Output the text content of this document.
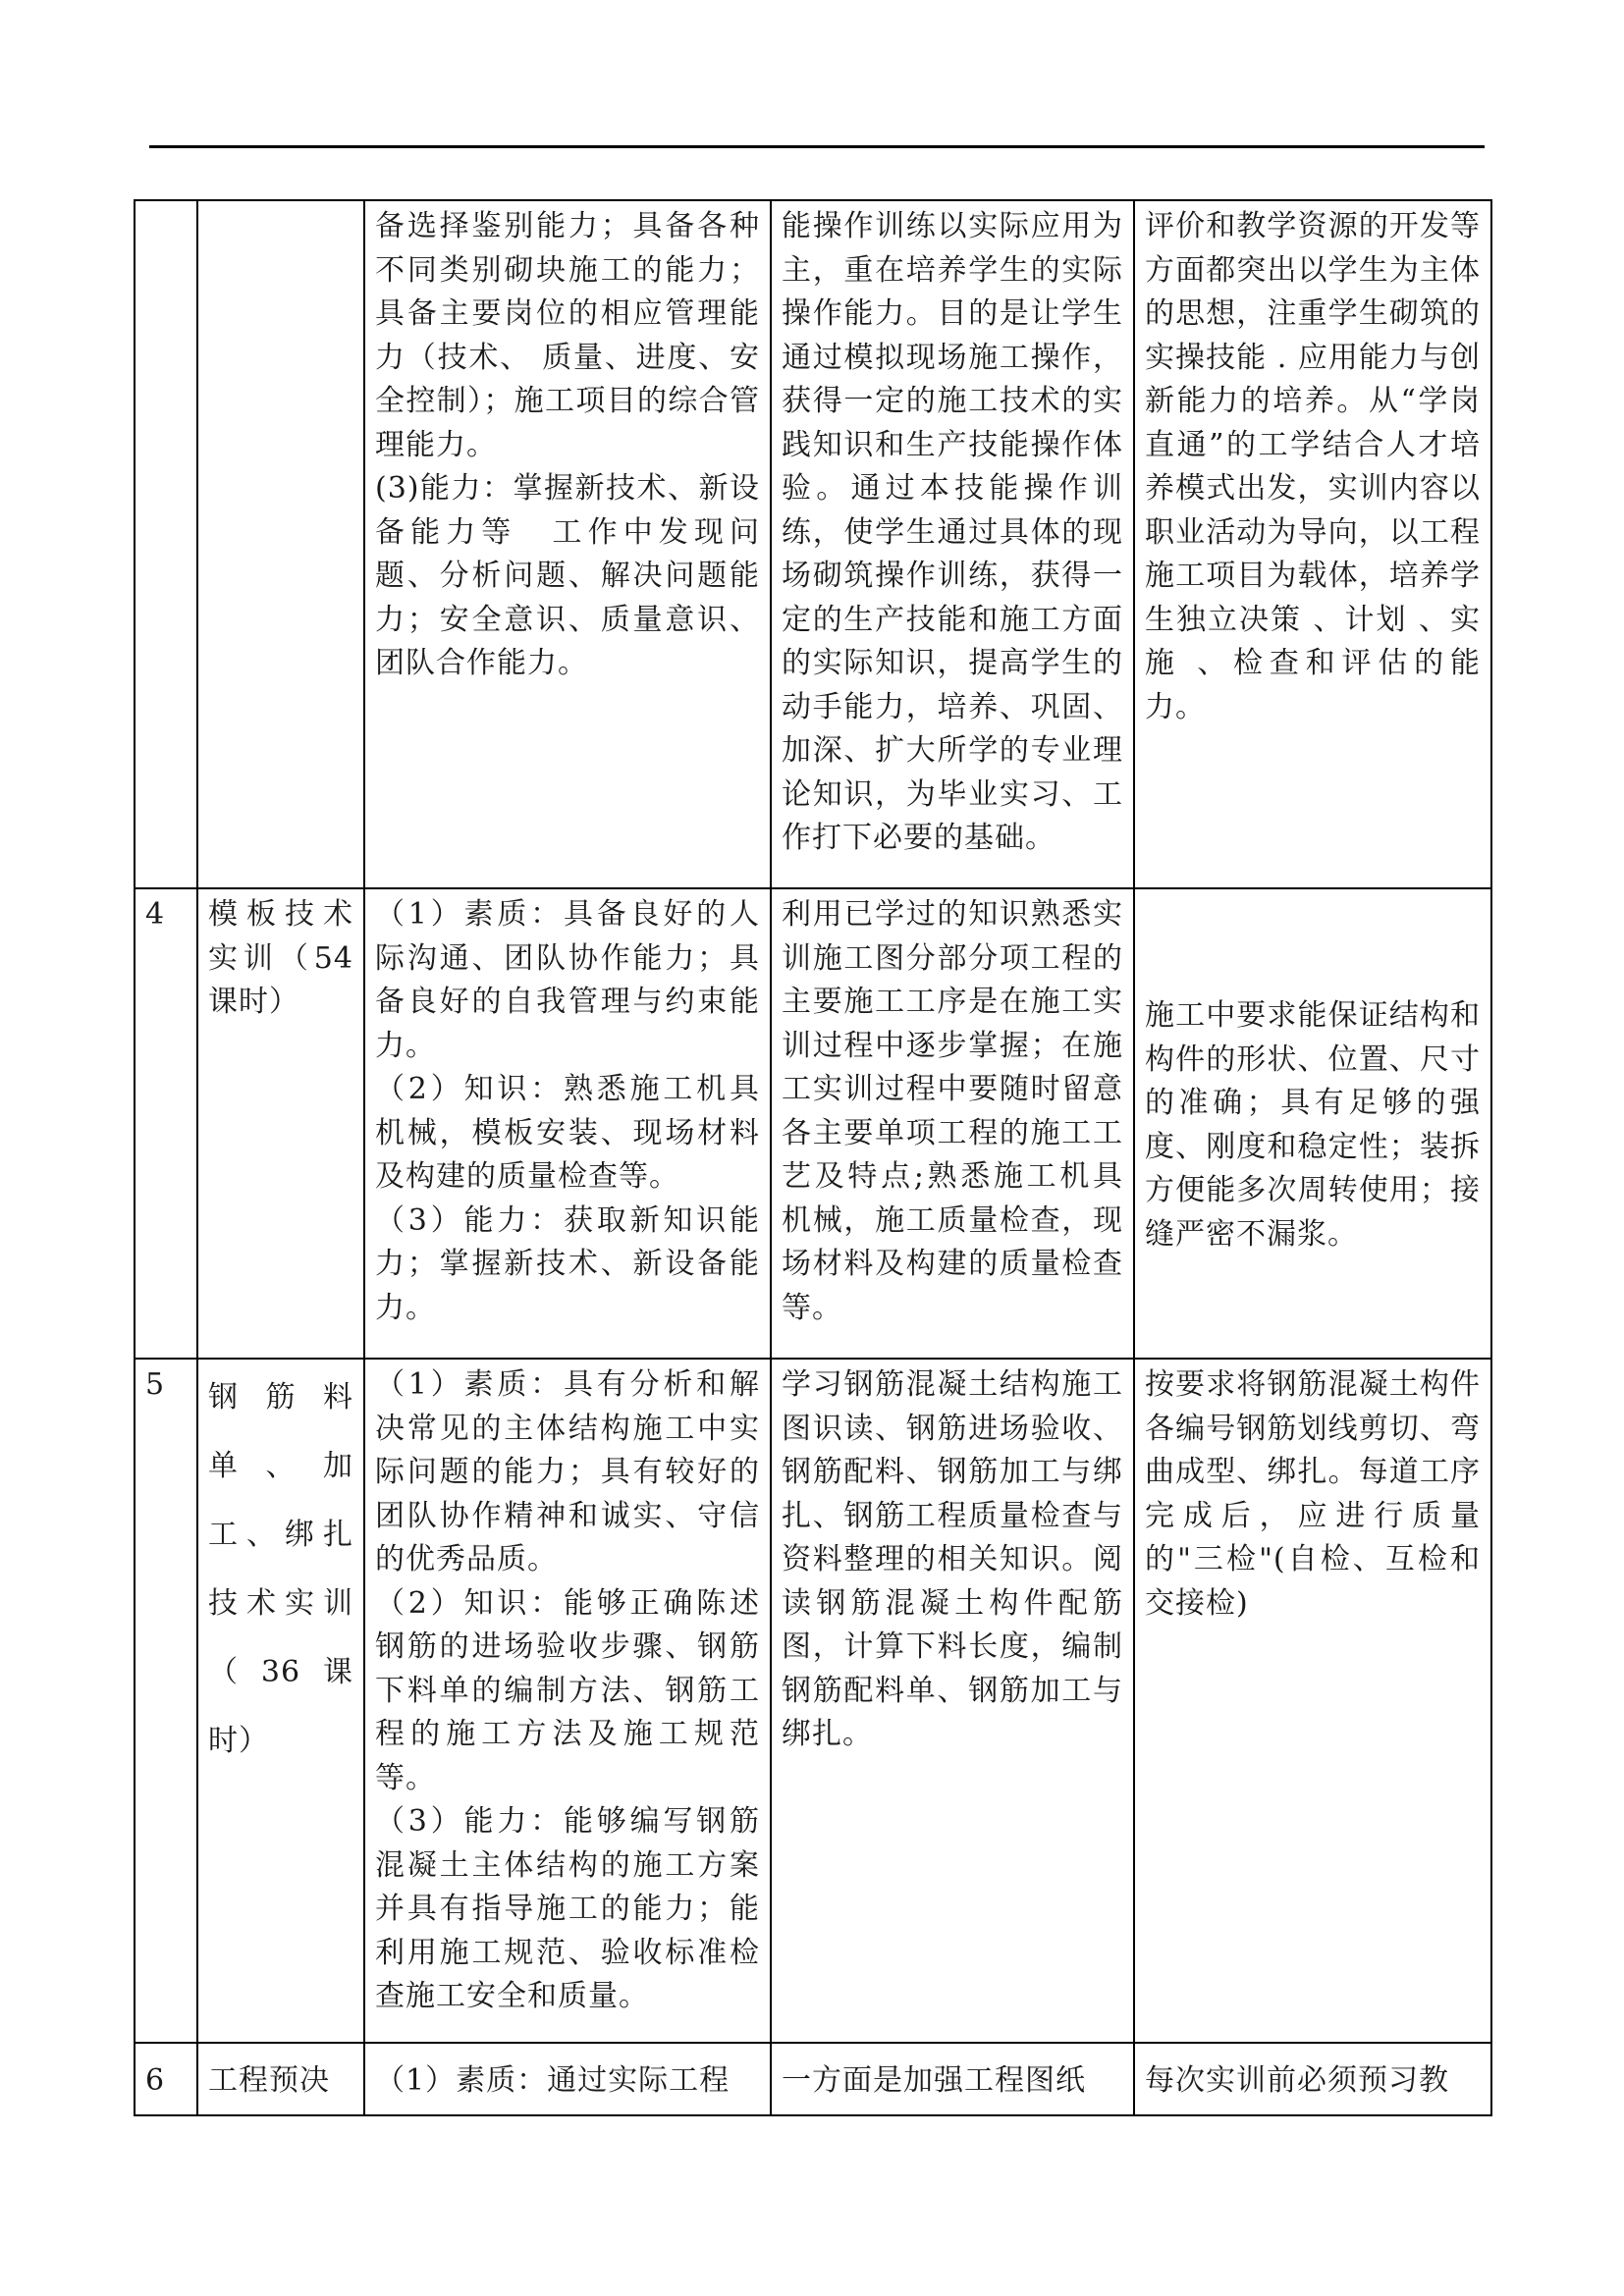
		备选择鉴别能力；具备各种不同类别砌块施工的能力；具备主要岗位的相应管理能力（技术、 质量、进度、安全控制）；施工项目的综合管理能力。
(3)能力：掌握新技术、新设备能力等　工作中发现问题、分析问题、解决问题能力；安全意识、质量意识、团队合作能力。	能操作训练以实际应用为主，重在培养学生的实际操作能力。目的是让学生通过模拟现场施工操作，获得一定的施工技术的实践知识和生产技能操作体验。通过本技能操作训练，使学生通过具体的现场砌筑操作训练，获得一定的生产技能和施工方面的实际知识，提高学生的动手能力，培养、巩固、加深、扩大所学的专业理论知识，为毕业实习、工作打下必要的基础。	评价和教学资源的开发等方面都突出以学生为主体的思想，注重学生砌筑的实操技能 . 应用能力与创新能力的培养。从“学岗直通”的工学结合人才培养模式出发，实训内容以职业活动为导向，以工程施工项目为载体，培养学生独立决策 、计划 、实施 、检查和评估的能力。

4	模板技术实训（54课时）	（1）素质：具备良好的人际沟通、团队协作能力；具备良好的自我管理与约束能力。
（2）知识：熟悉施工机具机械，模板安装、现场材料及构建的质量检查等。
（3）能力：获取新知识能力；掌握新技术、新设备能力。	利用已学过的知识熟悉实训施工图分部分项工程的主要施工工序是在施工实训过程中逐步掌握；在施工实训过程中要随时留意各主要单项工程的施工工艺及特点;熟悉施工机具机械，施工质量检查，现场材料及构建的质量检查等。	施工中要求能保证结构和构件的形状、位置、尺寸的准确；具有足够的强度、刚度和稳定性；装拆方便能多次周转使用；接缝严密不漏浆。

5	钢筋料单、加工、绑扎技术实训（36课时）	（1）素质：具有分析和解决常见的主体结构施工中实际问题的能力；具有较好的团队协作精神和诚实、守信的优秀品质。
（2）知识：能够正确陈述钢筋的进场验收步骤、钢筋下料单的编制方法、钢筋工程的施工方法及施工规范等。
（3）能力：能够编写钢筋混凝土主体结构的施工方案并具有指导施工的能力；能利用施工规范、验收标准检查施工安全和质量。	学习钢筋混凝土结构施工图识读、钢筋进场验收、钢筋配料、钢筋加工与绑扎、钢筋工程质量检查与资料整理的相关知识。阅读钢筋混凝土构件配筋图，计算下料长度，编制钢筋配料单、钢筋加工与绑扎。	按要求将钢筋混凝土构件各编号钢筋划线剪切、弯曲成型、绑扎。每道工序完成后，应进行质量的"三检"(自检、互检和交接检)

6	工程预决	（1）素质：通过实际工程	一方面是加强工程图纸	每次实训前必须预习教
